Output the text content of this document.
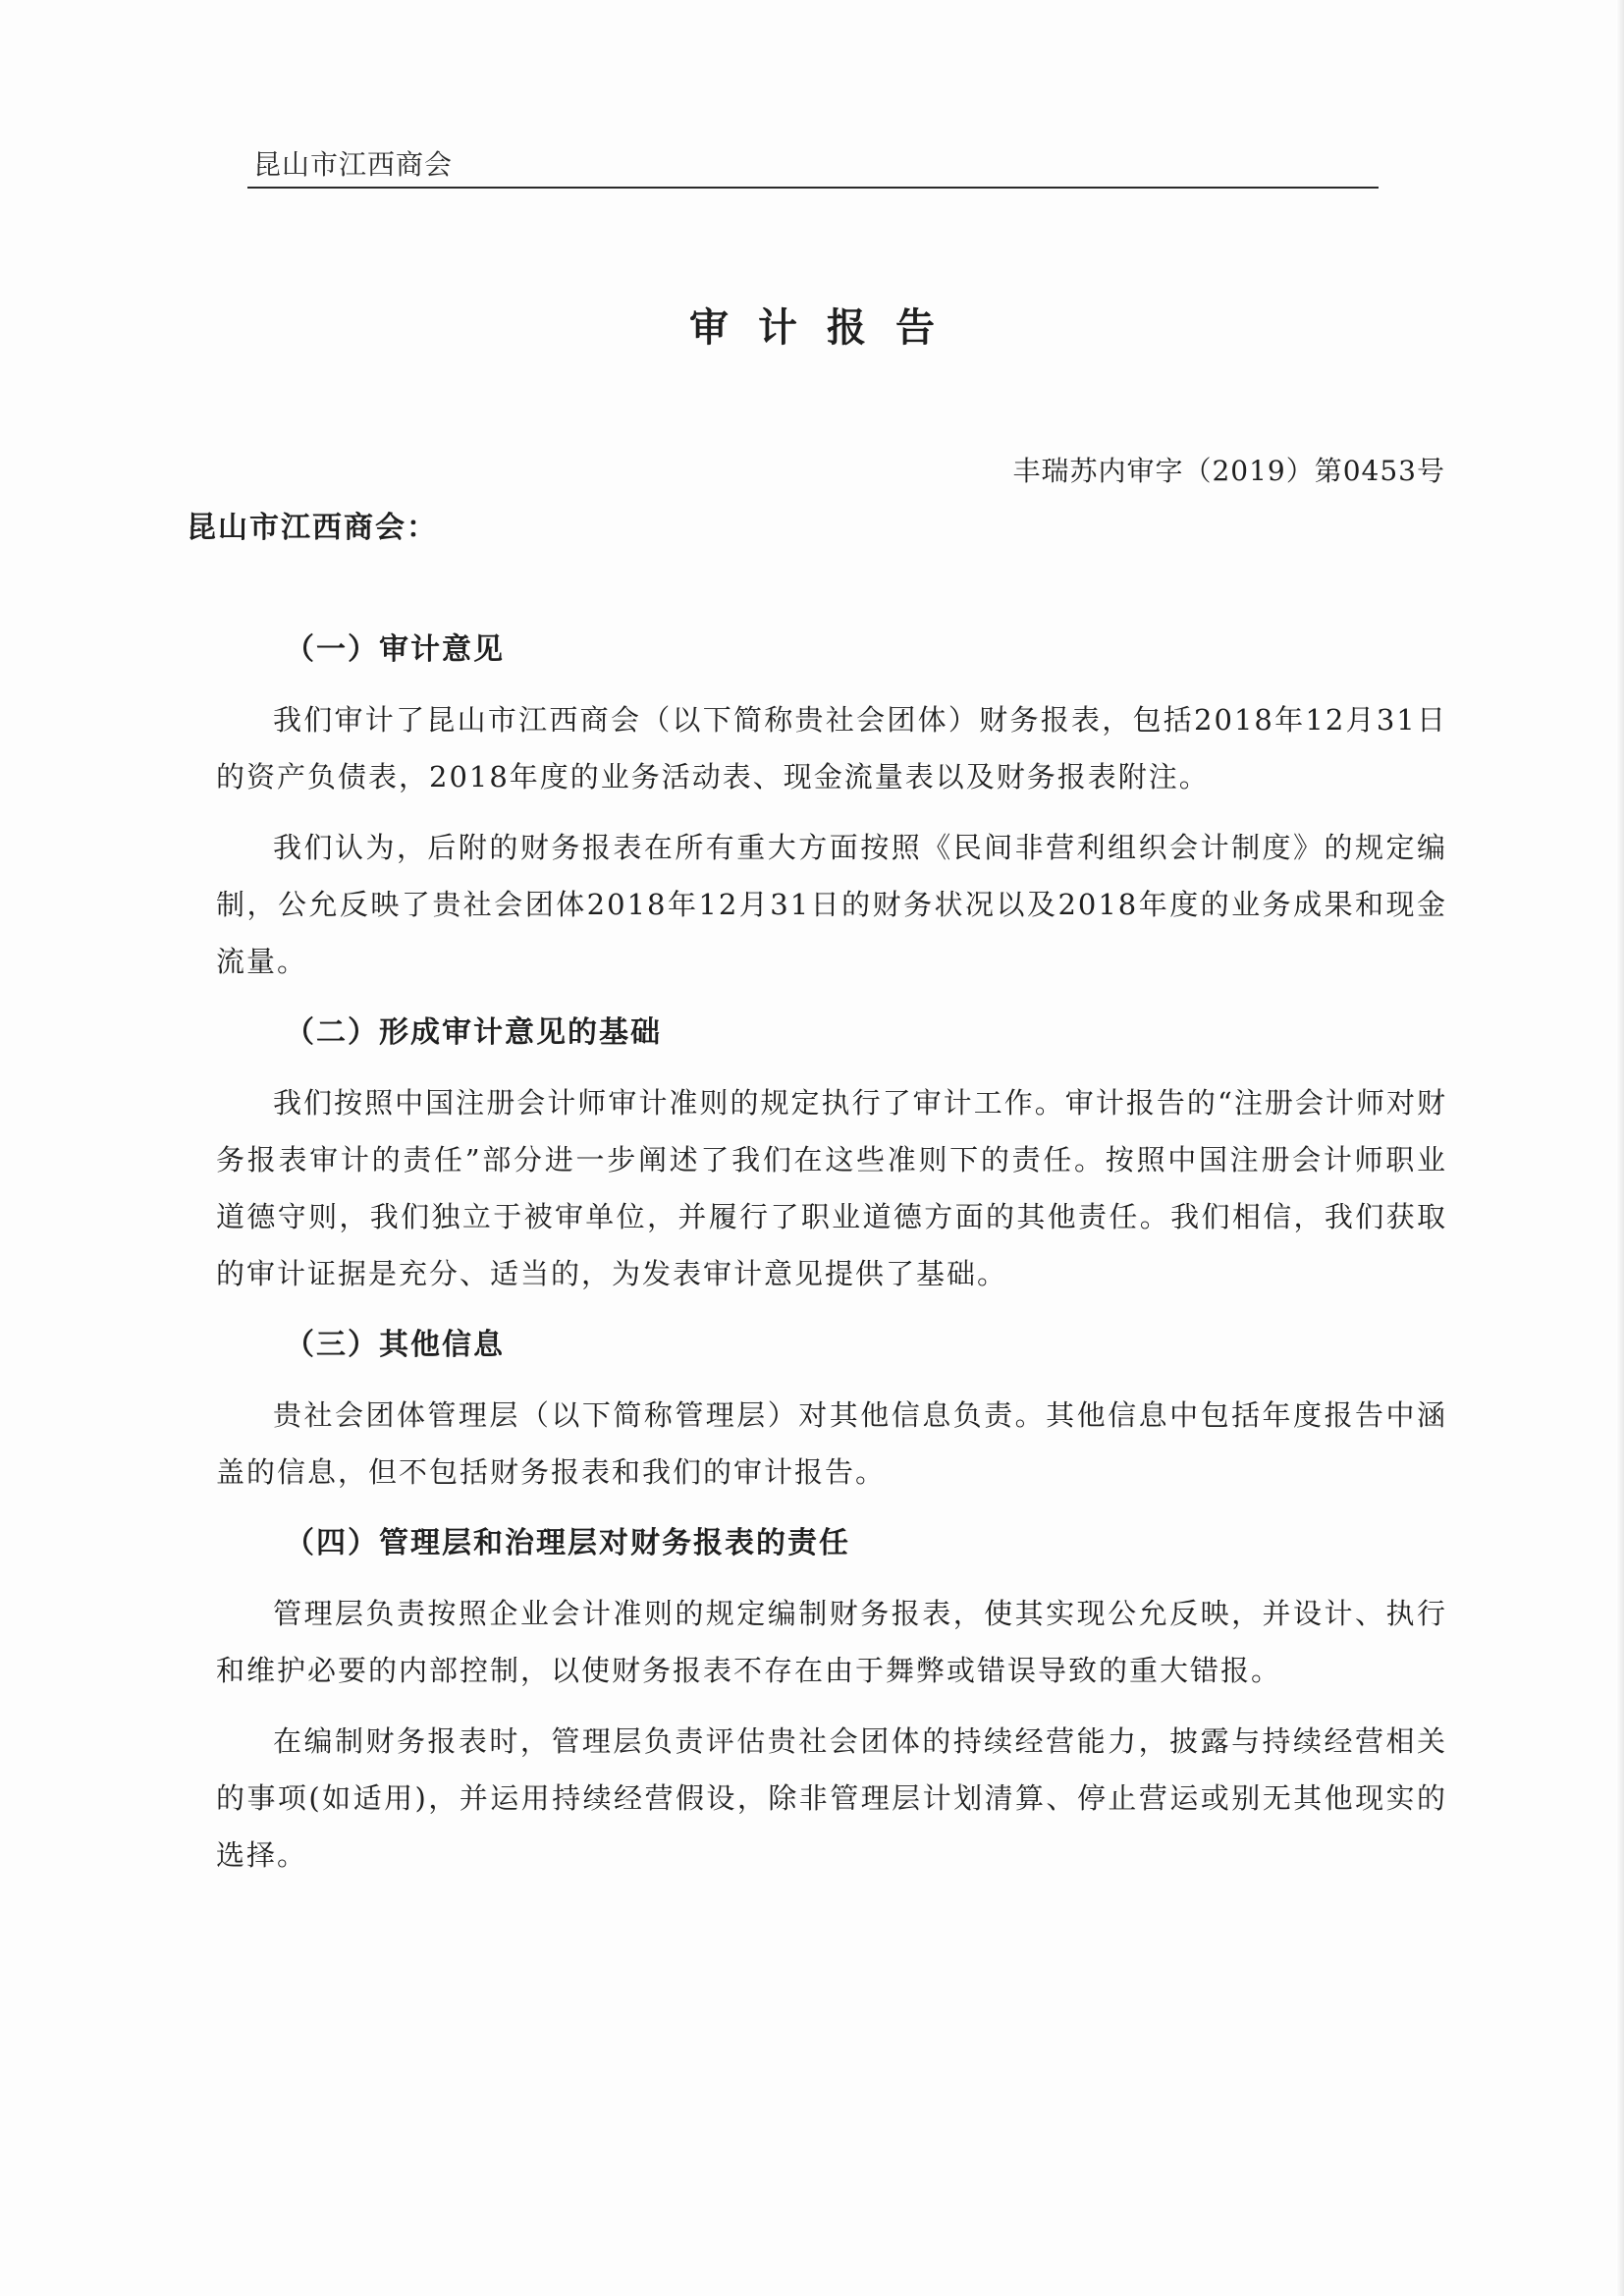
昆山市江西商会
审计报告
丰瑞苏内审字（2019）第0453号
昆山市江西商会：
（一）审计意见

我们审计了昆山市江西商会（以下简称贵社会团体）财务报表，包括2018年12月31日的资产负债表，2018年度的业务活动表、现金流量表以及财务报表附注。

我们认为，后附的财务报表在所有重大方面按照《民间非营利组织会计制度》的规定编制，公允反映了贵社会团体2018年12月31日的财务状况以及2018年度的业务成果和现金流量。

（二）形成审计意见的基础

我们按照中国注册会计师审计准则的规定执行了审计工作。审计报告的“注册会计师对财务报表审计的责任”部分进一步阐述了我们在这些准则下的责任。按照中国注册会计师职业道德守则，我们独立于被审单位，并履行了职业道德方面的其他责任。我们相信，我们获取的审计证据是充分、适当的，为发表审计意见提供了基础。

（三）其他信息

贵社会团体管理层（以下简称管理层）对其他信息负责。其他信息中包括年度报告中涵盖的信息，但不包括财务报表和我们的审计报告。

（四）管理层和治理层对财务报表的责任

管理层负责按照企业会计准则的规定编制财务报表，使其实现公允反映，并设计、执行和维护必要的内部控制，以使财务报表不存在由于舞弊或错误导致的重大错报。

在编制财务报表时，管理层负责评估贵社会团体的持续经营能力，披露与持续经营相关的事项(如适用)，并运用持续经营假设，除非管理层计划清算、停止营运或别无其他现实的选择。
